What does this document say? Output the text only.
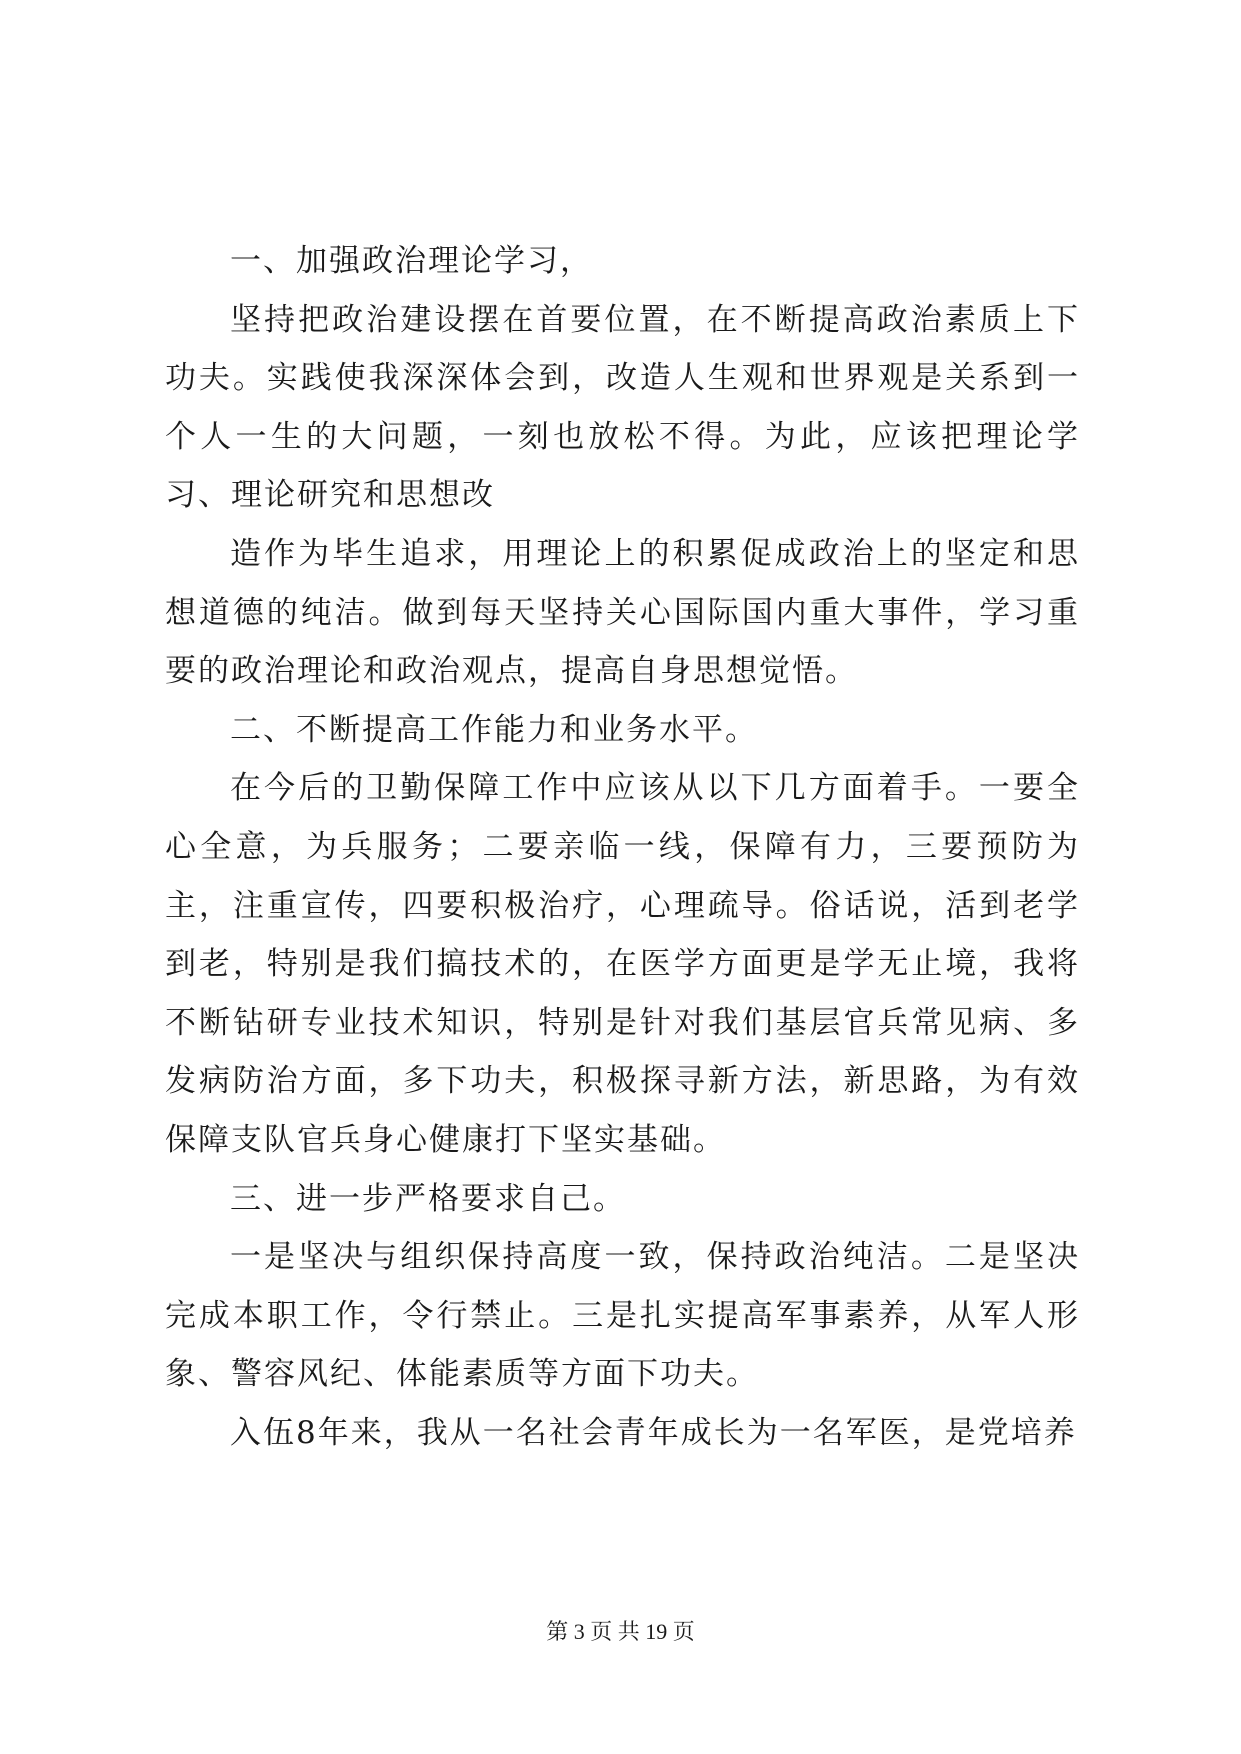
一、加强政治理论学习，

坚持把政治建设摆在首要位置，在不断提高政治素质上下功夫。实践使我深深体会到，改造人生观和世界观是关系到一个人一生的大问题，一刻也放松不得。为此，应该把理论学习、理论研究和思想改

造作为毕生追求，用理论上的积累促成政治上的坚定和思想道德的纯洁。做到每天坚持关心国际国内重大事件，学习重要的政治理论和政治观点，提高自身思想觉悟。

二、不断提高工作能力和业务水平。

在今后的卫勤保障工作中应该从以下几方面着手。一要全心全意，为兵服务；二要亲临一线，保障有力，三要预防为主，注重宣传，四要积极治疗，心理疏导。俗话说，活到老学到老，特别是我们搞技术的，在医学方面更是学无止境，我将不断钻研专业技术知识，特别是针对我们基层官兵常见病、多发病防治方面，多下功夫，积极探寻新方法，新思路，为有效保障支队官兵身心健康打下坚实基础。

三、进一步严格要求自己。

一是坚决与组织保持高度一致，保持政治纯洁。二是坚决完成本职工作，令行禁止。三是扎实提高军事素养，从军人形象、警容风纪、体能素质等方面下功夫。

入伍8年来，我从一名社会青年成长为一名军医，是党培养

第 3 页 共 19 页
